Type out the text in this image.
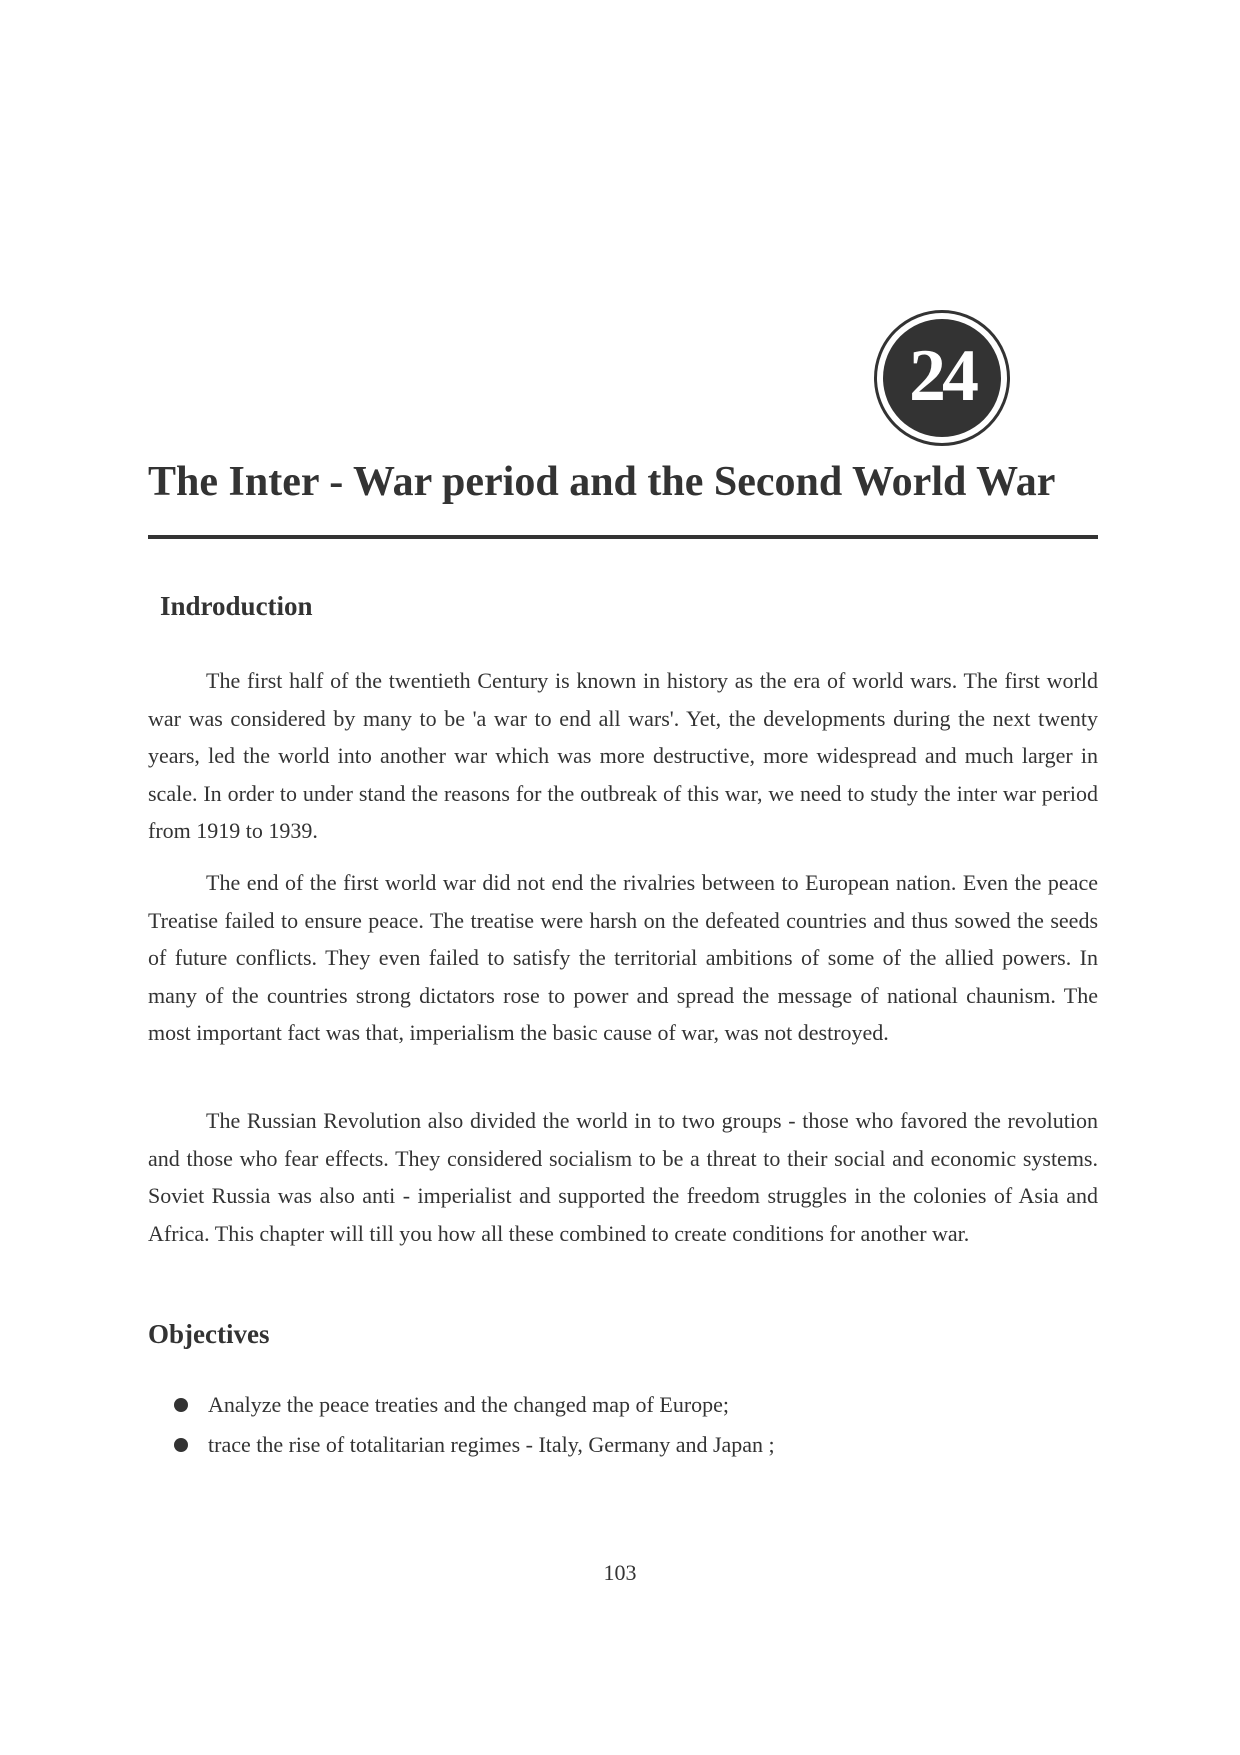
24
The Inter - War period and the Second World War
Indroduction

The first half of the twentieth Century is known in history as the era of world wars. The first world war was considered by many to be 'a war to end all wars'. Yet, the developments during the next twenty years, led the world into another war which was more destructive, more widespread and much larger in scale. In order to under stand the reasons for the outbreak of this war, we need to study the inter war period from 1919 to 1939.

The end of the first world war did not end the rivalries between to European nation. Even the peace Treatise failed to ensure peace. The treatise were harsh on the defeated countries and thus sowed the seeds of future conflicts. They even failed to satisfy the territorial ambitions of some of the allied powers. In many of the countries strong dictators rose to power and spread the message of national chaunism. The most important fact was that, imperialism the basic cause of war, was not destroyed.

The Russian Revolution also divided the world in to two groups - those who favored the revolution and those who fear effects. They considered socialism to be a threat to their social and economic systems. Soviet Russia was also anti - imperialist and supported the freedom struggles in the colonies of Asia and Africa. This chapter will till you how all these combined to create conditions for another war.

Objectives
Analyze the peace treaties and the changed map of Europe;
trace the rise of totalitarian regimes - Italy, Germany and Japan ;
103
